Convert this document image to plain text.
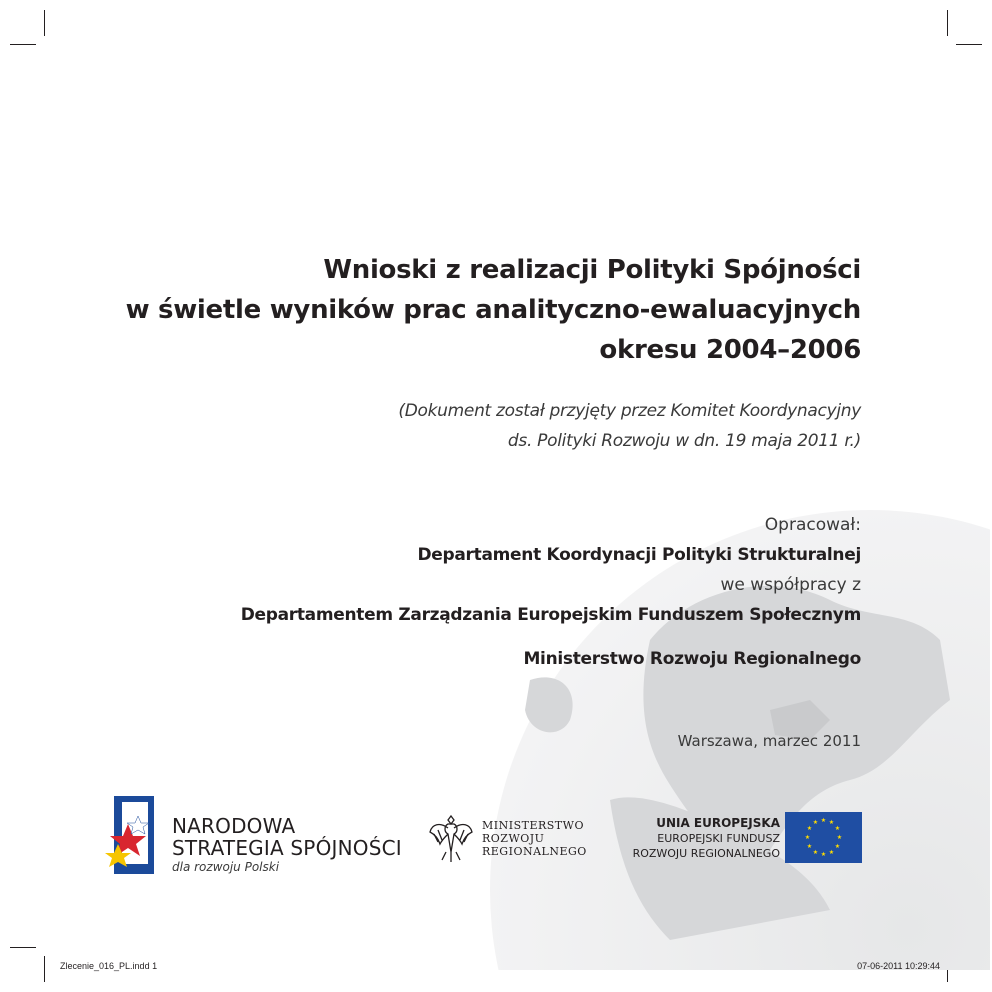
Wnioski z realizacji Polityki Spójności
w świetle wyników prac analityczno-ewaluacyjnych
okresu 2004–2006
(Dokument został przyjęty przez Komitet Koordynacyjny
ds. Polityki Rozwoju w dn. 19 maja 2011 r.)
Opracował:
Departament Koordynacji Polityki Strukturalnej
we współpracy z
Departamentem Zarządzania Europejskim Funduszem Społecznym
Ministerstwo Rozwoju Regionalnego
Warszawa, marzec 2011
NARODOWA
STRATEGIA SPÓJNOŚCI
dla rozwoju Polski
MINISTERSTWO
ROZWOJU
REGIONALNEGO
UNIA EUROPEJSKA
EUROPEJSKI FUNDUSZ
ROZWOJU REGIONALNEGO
★ ★
★
★
★
★
★
★
★
★
★
★
Zlecenie_016_PL.indd 1	07-06-2011 10:29:44
